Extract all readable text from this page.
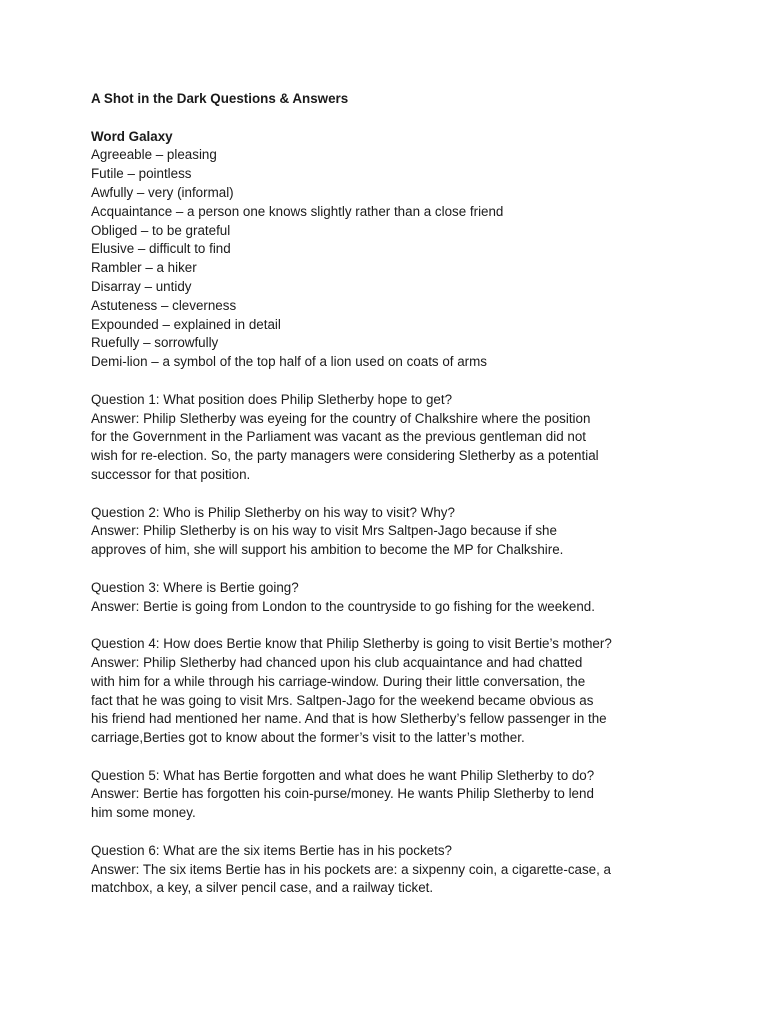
A Shot in the Dark Questions & Answers

Word Galaxy

Agreeable – pleasing

Futile – pointless

Awfully – very (informal)

Acquaintance – a person one knows slightly rather than a close friend

Obliged – to be grateful

Elusive – difficult to find

Rambler – a hiker

Disarray – untidy

Astuteness – cleverness

Expounded – explained in detail

Ruefully – sorrowfully

Demi-lion – a symbol of the top half of a lion used on coats of arms

Question 1: What position does Philip Sletherby hope to get?

Answer: Philip Sletherby was eyeing for the country of Chalkshire where the position

for the Government in the Parliament was vacant as the previous gentleman did not

wish for re-election. So, the party managers were considering Sletherby as a potential

successor for that position.

Question 2: Who is Philip Sletherby on his way to visit? Why?

Answer: Philip Sletherby is on his way to visit Mrs Saltpen-Jago because if she

approves of him, she will support his ambition to become the MP for Chalkshire.

Question 3: Where is Bertie going?

Answer: Bertie is going from London to the countryside to go fishing for the weekend.

Question 4: How does Bertie know that Philip Sletherby is going to visit Bertie’s mother?

Answer: Philip Sletherby had chanced upon his club acquaintance and had chatted

with him for a while through his carriage-window. During their little conversation, the

fact that he was going to visit Mrs. Saltpen-Jago for the weekend became obvious as

his friend had mentioned her name. And that is how Sletherby’s fellow passenger in the

carriage,Berties got to know about the former’s visit to the latter’s mother.

Question 5: What has Bertie forgotten and what does he want Philip Sletherby to do?

Answer: Bertie has forgotten his coin-purse/money. He wants Philip Sletherby to lend

him some money.

Question 6: What are the six items Bertie has in his pockets?

Answer: The six items Bertie has in his pockets are: a sixpenny coin, a cigarette-case, a

matchbox, a key, a silver pencil case, and a railway ticket.
